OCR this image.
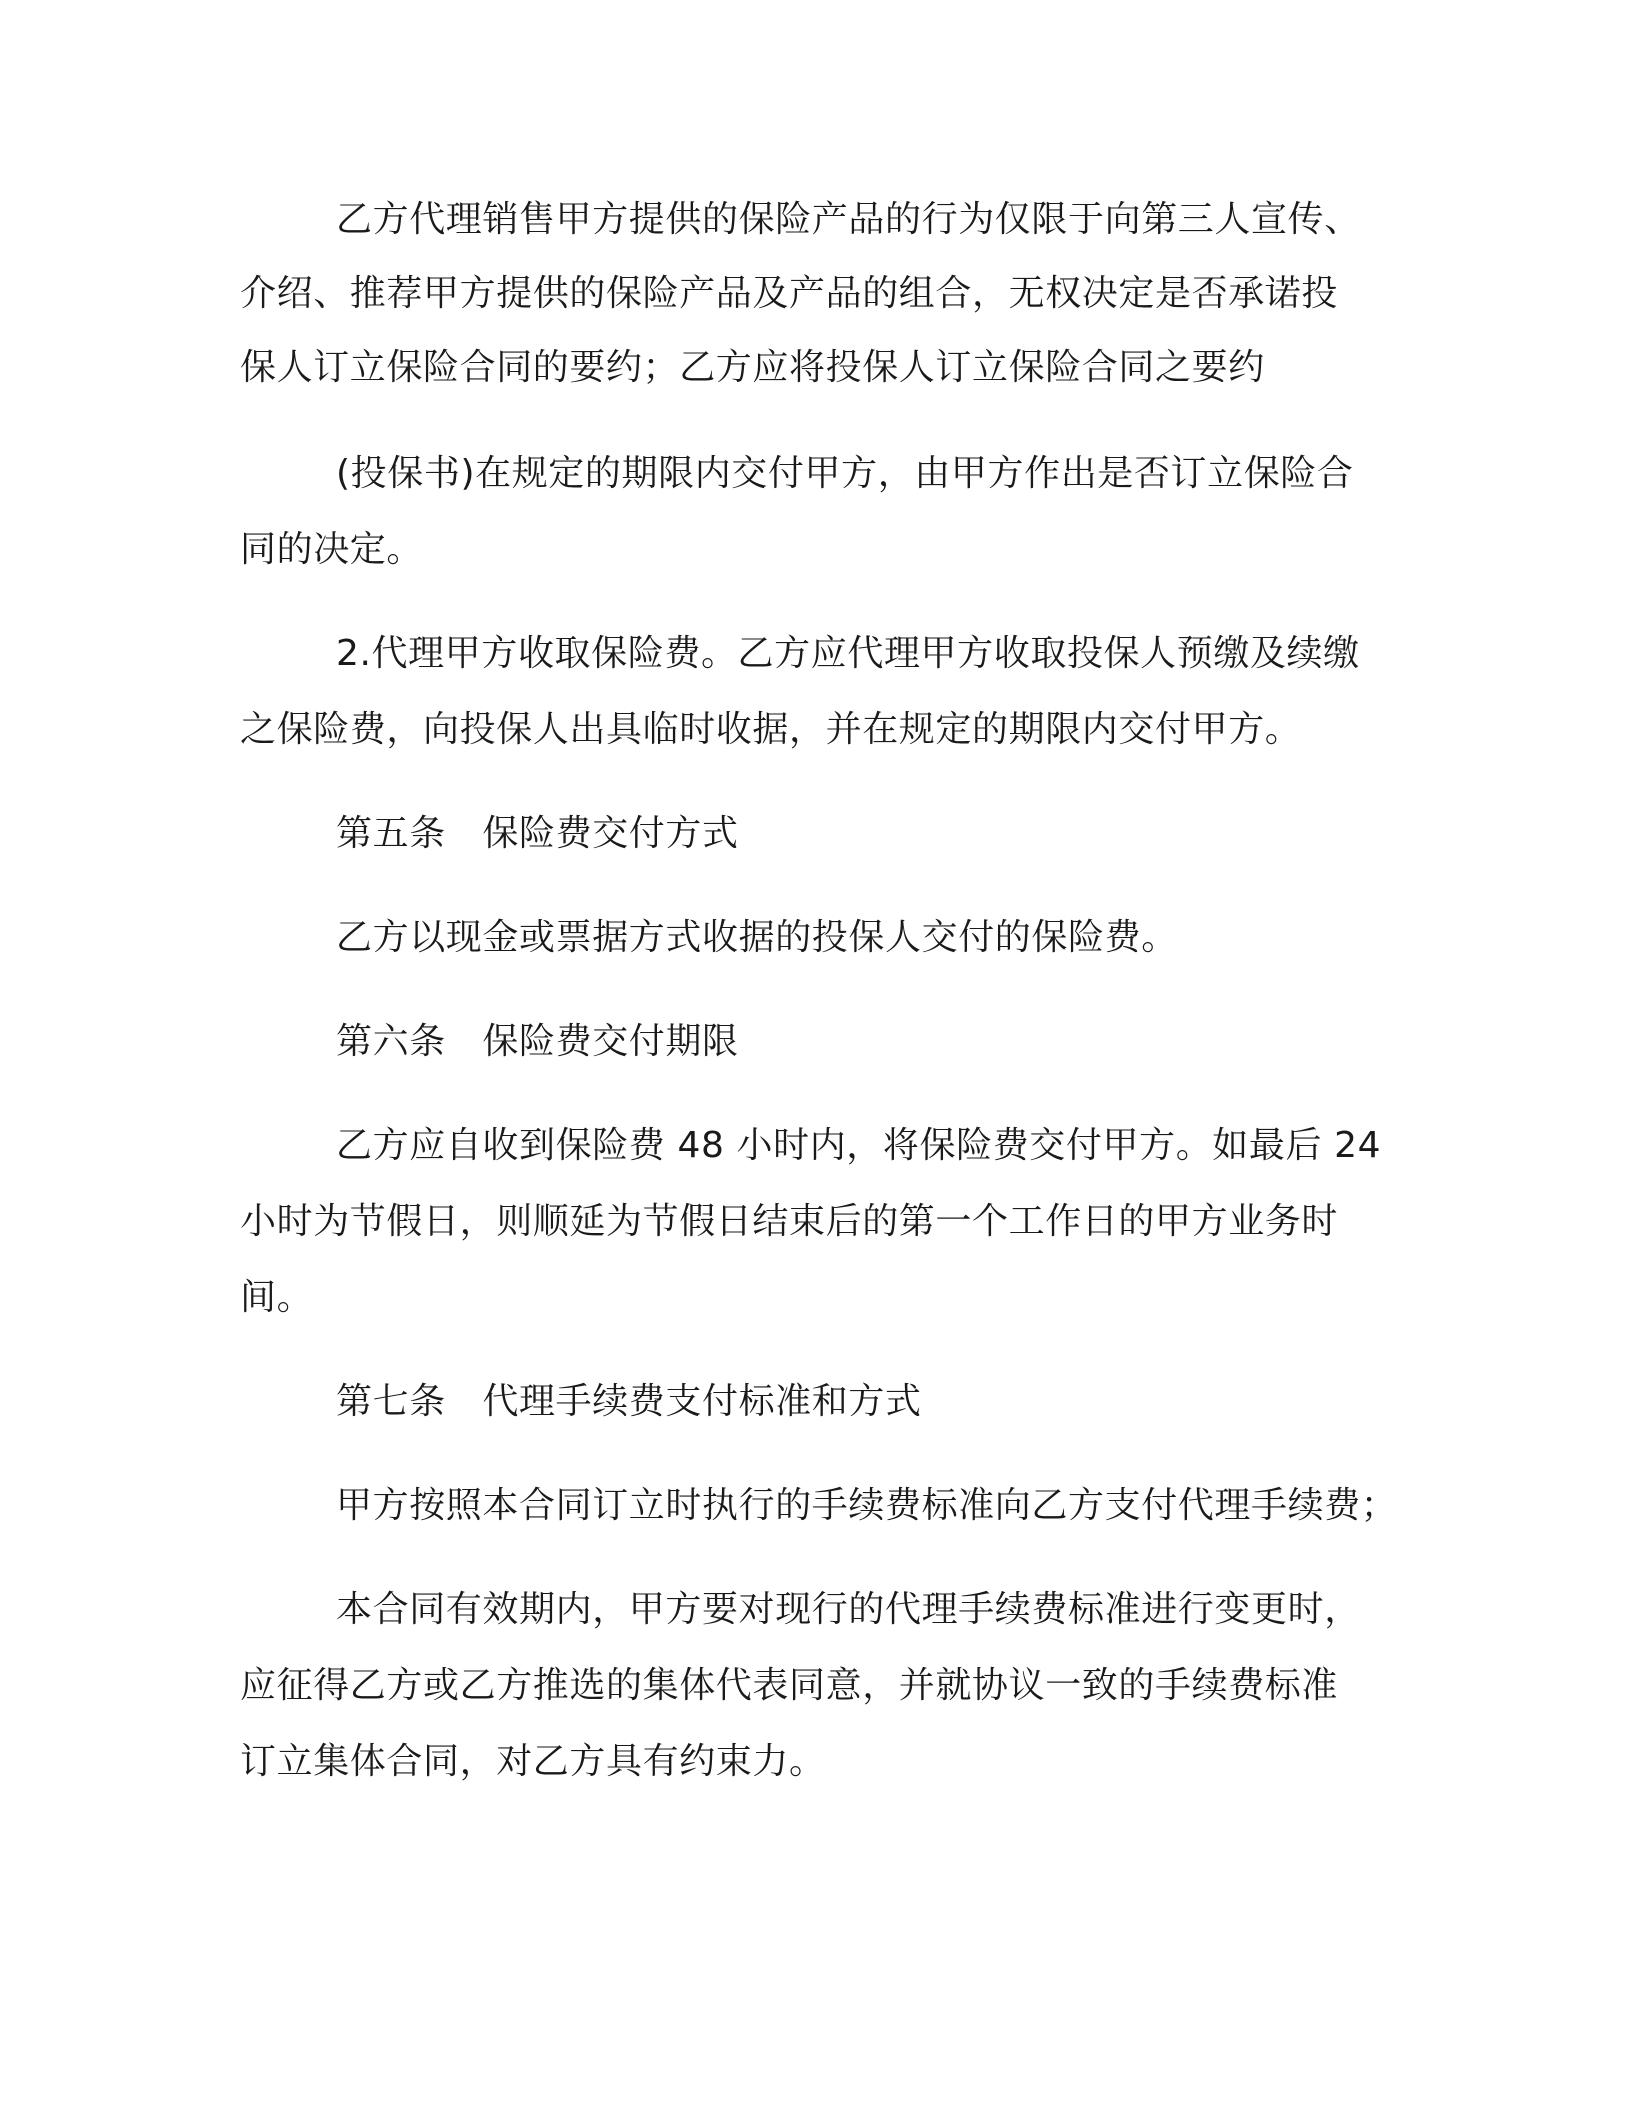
乙方代理销售甲方提供的保险产品的行为仅限于向第三人宣传、

介绍、推荐甲方提供的保险产品及产品的组合，无权决定是否承诺投

保人订立保险合同的要约；乙方应将投保人订立保险合同之要约

(投保书)在规定的期限内交付甲方，由甲方作出是否订立保险合

同的决定。

2.代理甲方收取保险费。乙方应代理甲方收取投保人预缴及续缴

之保险费，向投保人出具临时收据，并在规定的期限内交付甲方。

第五条　保险费交付方式

乙方以现金或票据方式收据的投保人交付的保险费。

第六条　保险费交付期限

乙方应自收到保险费 48 小时内，将保险费交付甲方。如最后 24

小时为节假日，则顺延为节假日结束后的第一个工作日的甲方业务时

间。

第七条　代理手续费支付标准和方式

甲方按照本合同订立时执行的手续费标准向乙方支付代理手续费；

本合同有效期内，甲方要对现行的代理手续费标准进行变更时，

应征得乙方或乙方推选的集体代表同意，并就协议一致的手续费标准

订立集体合同，对乙方具有约束力。
